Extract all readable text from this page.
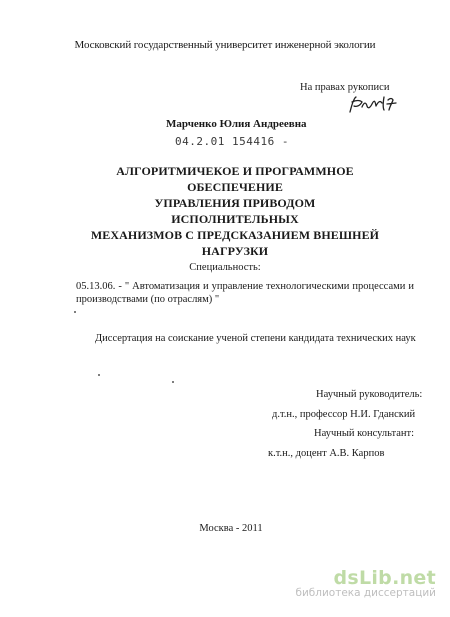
Московский государственный университет инженерной экологии
На правах рукописи
Марченко Юлия Андреевна
04.2.01 154416 -
АЛГОРИТМИЧЕКОЕ И ПРОГРАММНОЕ ОБЕСПЕЧЕНИЕ
УПРАВЛЕНИЯ ПРИВОДОМ ИСПОЛНИТЕЛЬНЫХ
МЕХАНИЗМОВ С ПРЕДСКАЗАНИЕМ ВНЕШНЕЙ
НАГРУЗКИ
Специальность:
05.13.06. - " Автоматизация и управление технологическими процессами и производствами (по отраслям) "
Диссертация на соискание ученой степени кандидата технических наук
Научный руководитель:
д.т.н., профессор Н.И. Гданский
Научный консультант:
к.т.н., доцент А.В. Карпов
Москва - 2011
dsLib.net
библиотека диссертаций
